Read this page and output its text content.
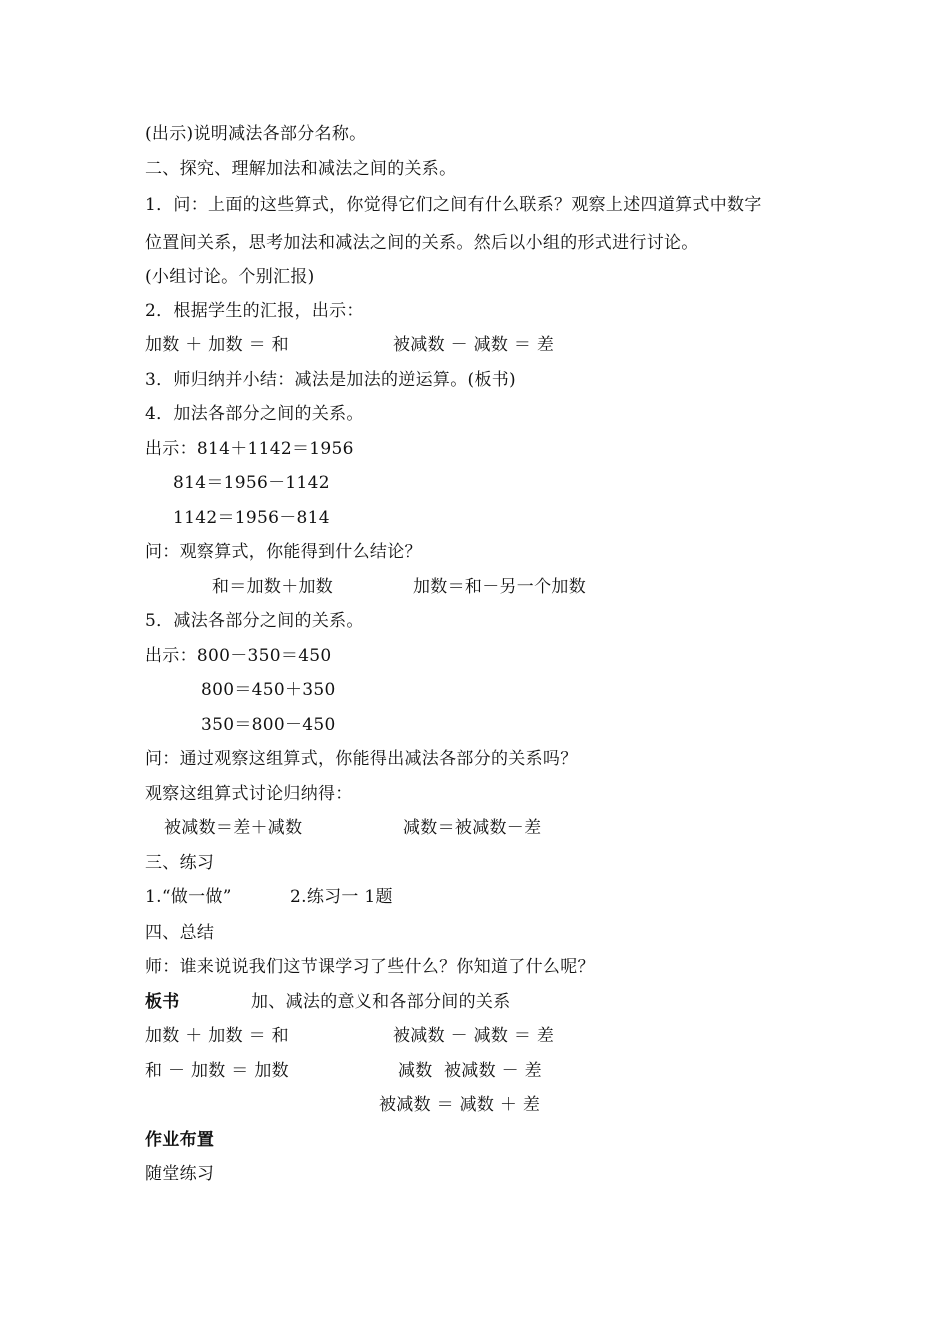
(出示)说明减法各部分名称。
二、探究、理解加法和减法之间的关系。
1．问：上面的这些算式，你觉得它们之间有什么联系？观察上述四道算式中数字
位置间关系，思考加法和减法之间的关系。然后以小组的形式进行讨论。
(小组讨论。个别汇报)
2．根据学生的汇报，出示：

加数 ＋ 加数 ＝ 和

	被减数 － 减数 ＝ 差

3．师归纳并小结：减法是加法的逆运算。(板书)
4．加法各部分之间的关系。
出示：814＋1142＝1956
814＝1956－1142
1142＝1956－814
问：观察算式，你能得到什么结论？

和＝加数＋加数

	加数＝和－另一个加数

5．减法各部分之间的关系。
出示：800－350＝450
800＝450＋350
350＝800－450
问：通过观察这组算式，你能得出减法各部分的关系吗？
观察这组算式讨论归纳得：

被减数＝差＋减数

	减数＝被减数－差

三、练习

1.“做一做”

	2.练习一 1题

四、总结
师：谁来说说我们这节课学习了些什么？你知道了什么呢？

板书

	加、减法的意义和各部分间的关系

加数 ＋ 加数 ＝ 和

	被减数 － 减数 ＝ 差

和 － 加数 ＝ 加数

	减数  被减数 － 差

被减数 ＝ 减数 ＋ 差
作业布置
随堂练习
